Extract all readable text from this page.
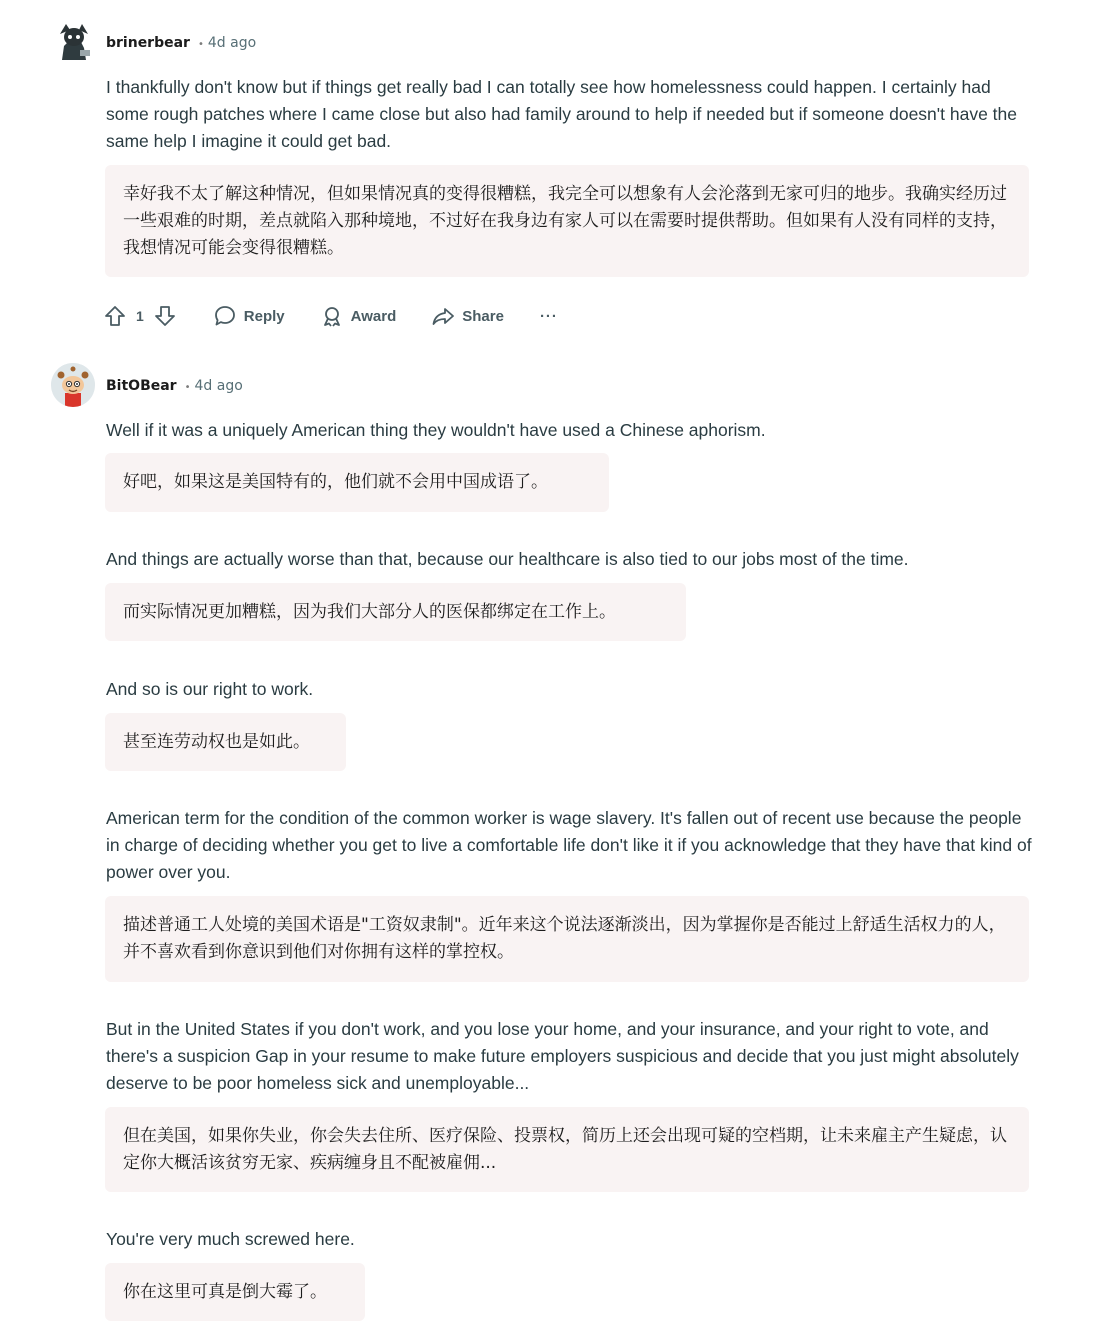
brinerbear • 4d ago
I thankfully don't know but if things get really bad I can totally see how homelessness could happen. I certainly had some rough patches where I came close but also had family around to help if needed but if someone doesn't have the same help I imagine it could get bad.
幸好我不太了解这种情况，但如果情况真的变得很糟糕，我完全可以想象有人会沦落到无家可归的地步。我确实经历过一些艰难的时期，差点就陷入那种境地，不过好在我身边有家人可以在需要时提供帮助。但如果有人没有同样的支持，我想情况可能会变得很糟糕。
1	Reply	Award	Share ···
BitOBear • 4d ago
Well if it was a uniquely American thing they wouldn't have used a Chinese aphorism.
好吧，如果这是美国特有的，他们就不会用中国成语了。
And things are actually worse than that, because our healthcare is also tied to our jobs most of the time.
而实际情况更加糟糕，因为我们大部分人的医保都绑定在工作上。
And so is our right to work.
甚至连劳动权也是如此。
American term for the condition of the common worker is wage slavery. It's fallen out of recent use because the people in charge of deciding whether you get to live a comfortable life don't like it if you acknowledge that they have that kind of power over you.
描述普通工人处境的美国术语是"工资奴隶制"。近年来这个说法逐渐淡出，因为掌握你是否能过上舒适生活权力的人，并不喜欢看到你意识到他们对你拥有这样的掌控权。
But in the United States if you don't work, and you lose your home, and your insurance, and your right to vote, and there's a suspicion Gap in your resume to make future employers suspicious and decide that you just might absolutely deserve to be poor homeless sick and unemployable...
但在美国，如果你失业，你会失去住所、医疗保险、投票权，简历上还会出现可疑的空档期，让未来雇主产生疑虑，认定你大概活该贫穷无家、疾病缠身且不配被雇佣...
You're very much screwed here.
你在这里可真是倒大霉了。
